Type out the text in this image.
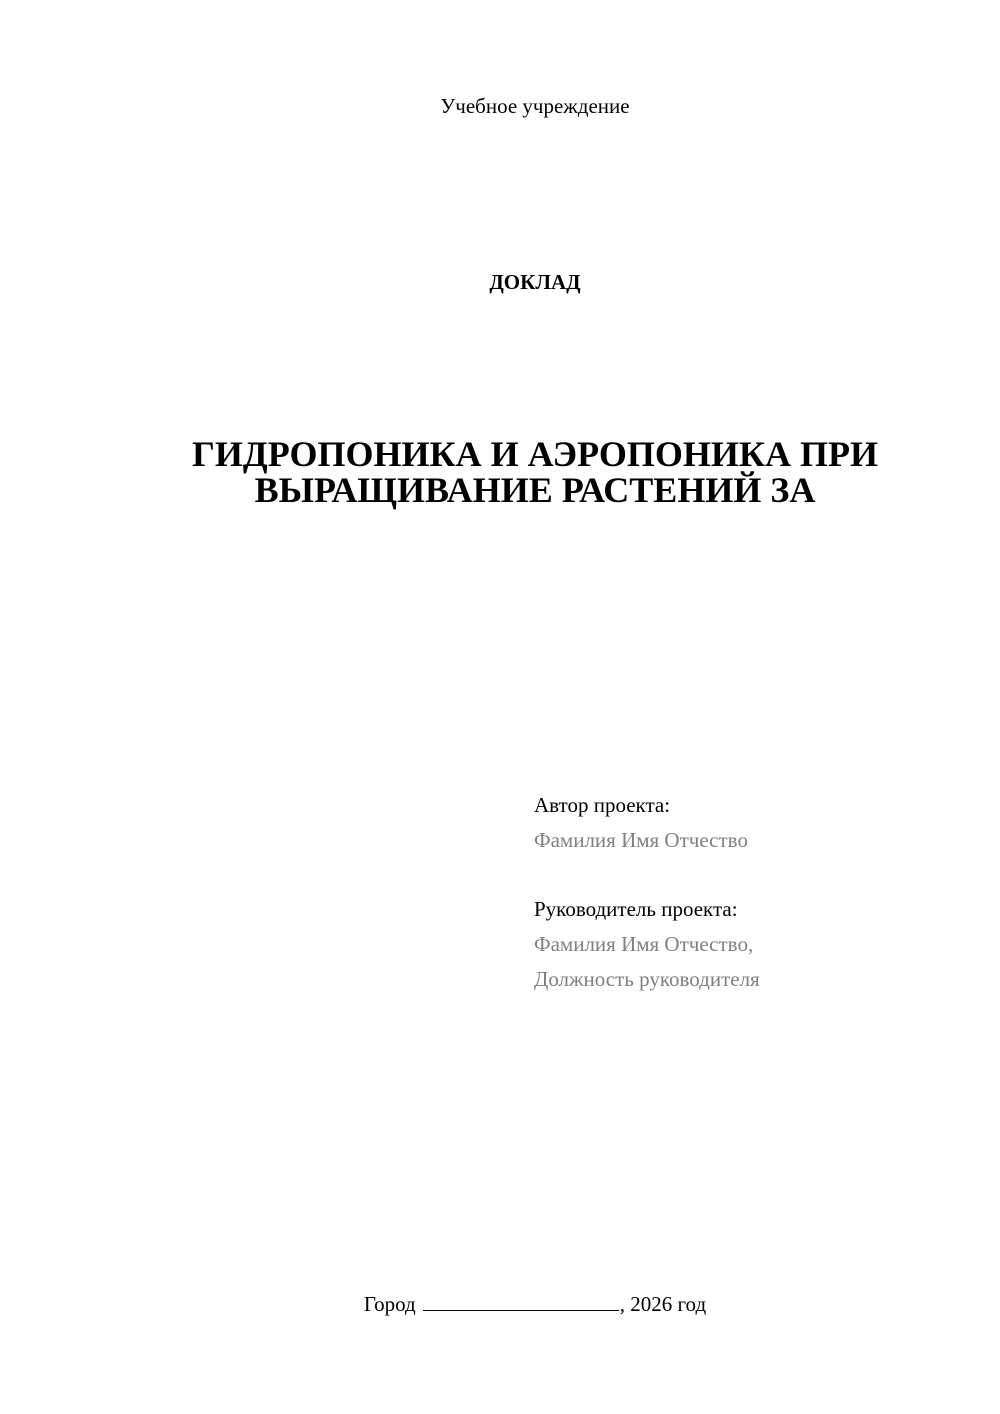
Учебное учреждение

ДОКЛАД

ГИДРОПОНИКА И АЭРОПОНИКА ПРИ
ВЫРАЩИВАНИЕ РАСТЕНИЙ ЗА
Автор проекта:
Фамилия Имя Отчество
Руководитель проекта:
Фамилия Имя Отчество,
Должность руководителя
Город	, 2026 год
